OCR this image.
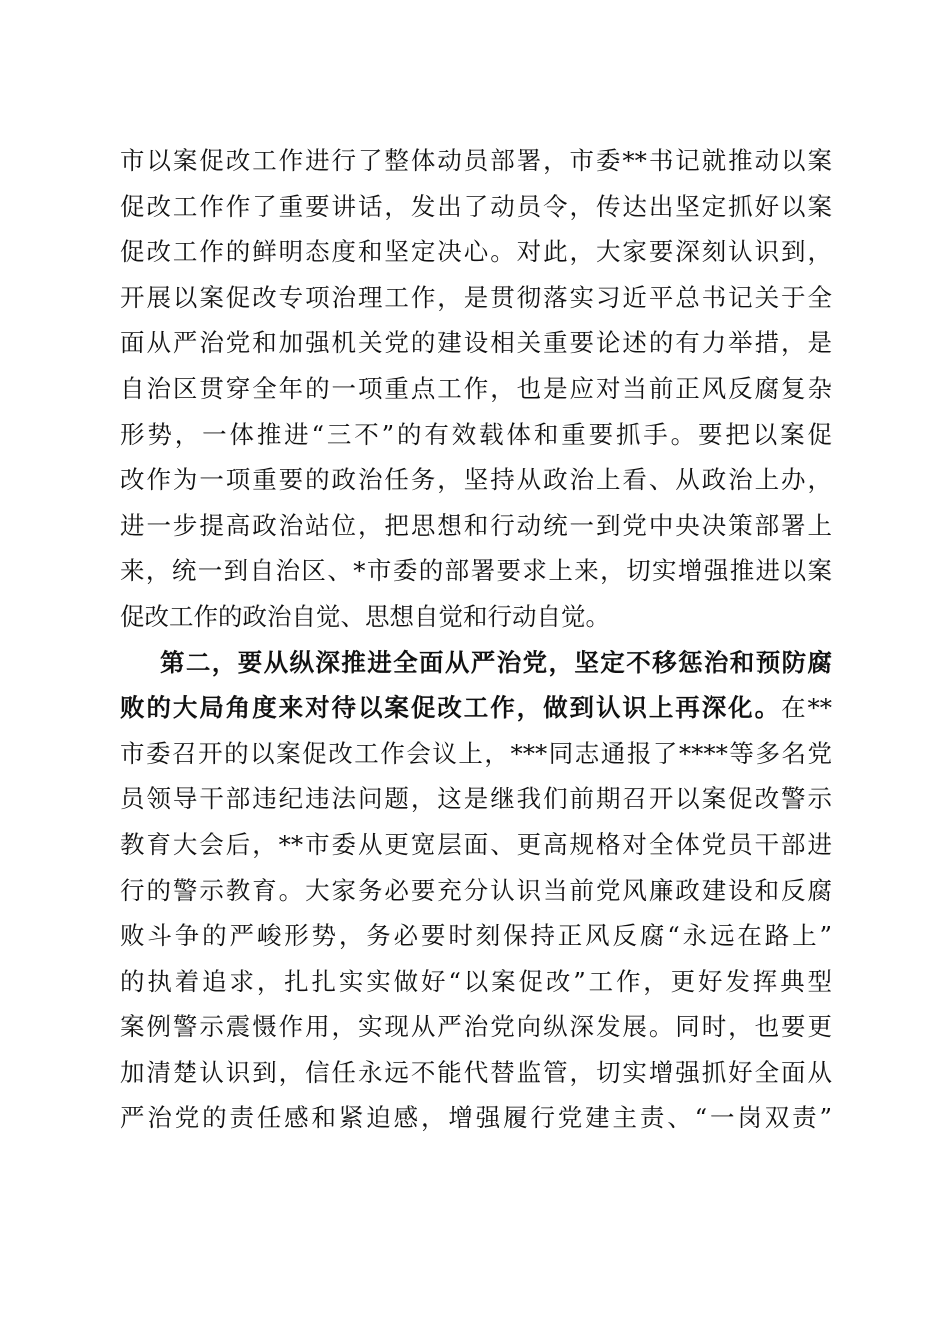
市以案促改工作进行了整体动员部署，市委**书记就推动以案
促改工作作了重要讲话，发出了动员令，传达出坚定抓好以案
促改工作的鲜明态度和坚定决心。对此，大家要深刻认识到，
开展以案促改专项治理工作，是贯彻落实习近平总书记关于全
面从严治党和加强机关党的建设相关重要论述的有力举措，是
自治区贯穿全年的一项重点工作，也是应对当前正风反腐复杂
形势，一体推进“三不”的有效载体和重要抓手。要把以案促
改作为一项重要的政治任务，坚持从政治上看、从政治上办，
进一步提高政治站位，把思想和行动统一到党中央决策部署上
来，统一到自治区、*市委的部署要求上来，切实增强推进以案
促改工作的政治自觉、思想自觉和行动自觉。
第二，要从纵深推进全面从严治党，坚定不移惩治和预防腐
败的大局角度来对待以案促改工作，做到认识上再深化。在**
市委召开的以案促改工作会议上，***同志通报了****等多名党
员领导干部违纪违法问题，这是继我们前期召开以案促改警示
教育大会后，**市委从更宽层面、更高规格对全体党员干部进
行的警示教育。大家务必要充分认识当前党风廉政建设和反腐
败斗争的严峻形势，务必要时刻保持正风反腐“永远在路上”
的执着追求，扎扎实实做好“以案促改”工作，更好发挥典型
案例警示震慑作用，实现从严治党向纵深发展。同时，也要更
加清楚认识到，信任永远不能代替监管，切实增强抓好全面从
严治党的责任感和紧迫感，增强履行党建主责、“一岗双责”
